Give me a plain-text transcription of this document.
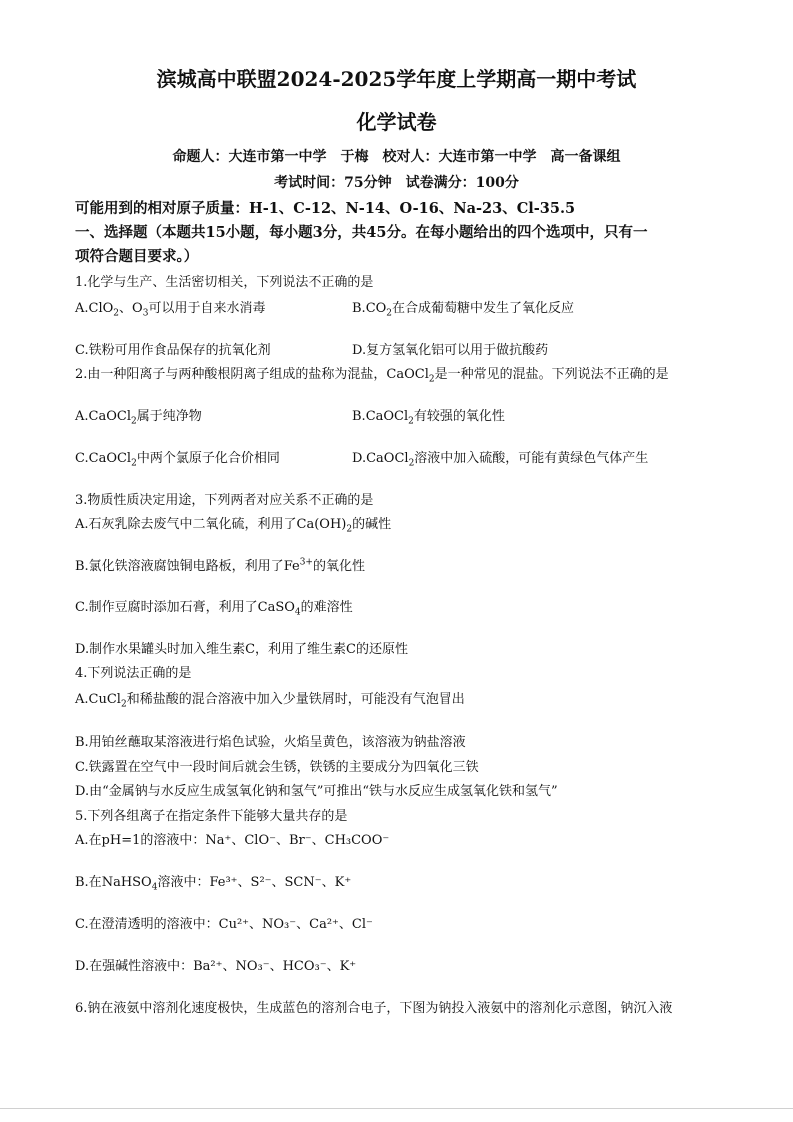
滨城高中联盟2024-2025学年度上学期高一期中考试
化学试卷
命题人：大连市第一中学　于梅　校对人：大连市第一中学　高一备课组
考试时间：75分钟　试卷满分：100分
可能用到的相对原子质量：H-1、C-12、N-14、O-16、Na-23、Cl-35.5
一、选择题（本题共15小题，每小题3分，共45分。在每小题给出的四个选项中，只有一
项符合题目要求。）
1.化学与生产、生活密切相关，下列说法不正确的是
A.ClO$_2$、$O_3$可以用于自来水消毒	$B.CO_2$在合成葡萄糖中发生了氧化反应
C.铁粉可用作食品保存的抗氧化剂	D.复方氢氧化铝可以用于做抗酸药
2.由一种阳离子与两种酸根阴离子组成的盐称为混盐，CaOCl$_2$是一种常见的混盐。下列说法不正确的是
A.CaOCl$_2$属于纯净物	B.CaOCl$_2$有较强的氧化性
C.CaOCl$_2$中两个氯原子化合价相同	D.CaOCl$_2$溶液中加入硫酸，可能有黄绿色气体产生
3.物质性质决定用途，下列两者对应关系不正确的是
A.石灰乳除去废气中二氧化硫，利用了$Ca(OH)_2$的碱性
B.氯化铁溶液腐蚀铜电路板，利用了$Fe^{3+}$的氧化性
C.制作豆腐时添加石膏，利用了CaSO$_4$的难溶性
D.制作水果罐头时加入维生素C，利用了维生素C的还原性
4.下列说法正确的是
A.CuCl$_2$和稀盐酸的混合溶液中加入少量铁屑时，可能没有气泡冒出
B.用铂丝蘸取某溶液进行焰色试验，火焰呈黄色，该溶液为钠盐溶液
C.铁露置在空气中一段时间后就会生锈，铁锈的主要成分为四氧化三铁
D.由“金属钠与水反应生成氢氧化钠和氢气”可推出“铁与水反应生成氢氧化铁和氢气”
5.下列各组离子在指定条件下能够大量共存的是
A.在pH=1的溶液中：Na⁺、ClO⁻、Br⁻、CH₃COO⁻
B.在NaHSO$_4$溶液中：Fe³⁺、S²⁻、SCN⁻、K⁺
C.在澄清透明的溶液中：Cu²⁺、NO₃⁻、Ca²⁺、Cl⁻
D.在强碱性溶液中：Ba²⁺、NO₃⁻、HCO₃⁻、K⁺
6.钠在液氨中溶剂化速度极快，生成蓝色的溶剂合电子，下图为钠投入液氨中的溶剂化示意图，钠沉入液
